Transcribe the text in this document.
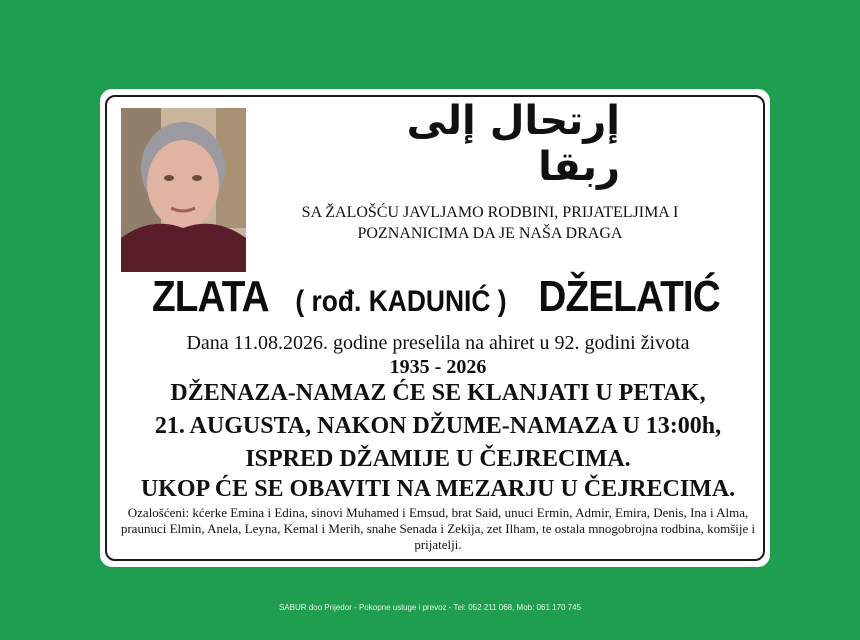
إرتحال إلى ربقا
SA ŽALOŠĆU JAVLJAMO RODBINI, PRIJATELJIMA I POZNANICIMA DA JE NAŠA DRAGA
ZLATA ( rođ. KADUNIĆ ) DŽELATIĆ
Dana 11.08.2026. godine preselila na ahiret u 92. godini života
1935 - 2026
DŽENAZA-NAMAZ ĆE SE KLANJATI U PETAK,
21. AUGUSTA, NAKON DŽUME-NAMAZA U 13:00h,
ISPRED DŽAMIJE U ČEJRECIMA.
UKOP ĆE SE OBAVITI NA MEZARJU U ČEJRECIMA.
Ozalošćeni: kćerke Emina i Edina, sinovi Muhamed i Emsud, brat Said, unuci Ermin, Admir, Emira, Denis, Ina i Alma, praunuci Elmin, Anela, Leyna, Kemal i Merih, snahe Senada i Zekija, zet Ilham, te ostala mnogobrojna rodbina, komšije i prijatelji.
SABUR doo Prijedor - Pokopne usluge i prevoz - Tel: 052 211 068, Mob: 061 170 745
